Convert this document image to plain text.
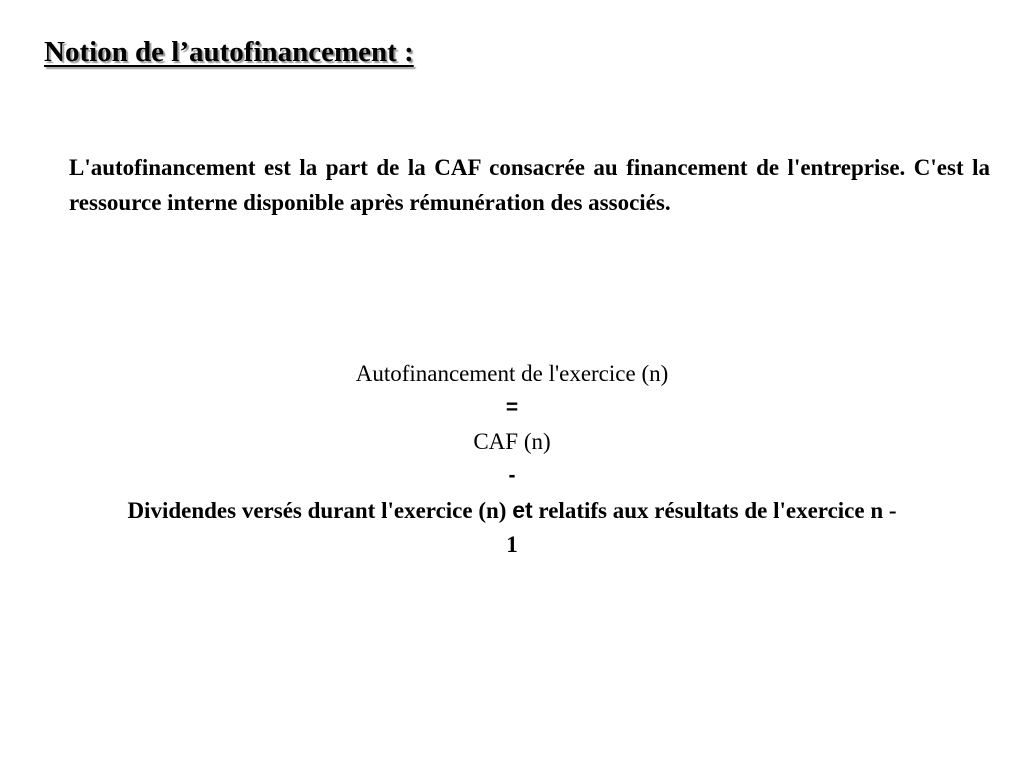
Notion de l’autofinancement :

L'autofinancement est la part de la CAF consacrée au financement de l'entreprise. C'est la ressource interne disponible après rémunération des associés.

Autofinancement de l'exercice (n)
=
CAF (n)
-
Dividendes versés durant l'exercice (n) et relatifs aux résultats de l'exercice n -
1
